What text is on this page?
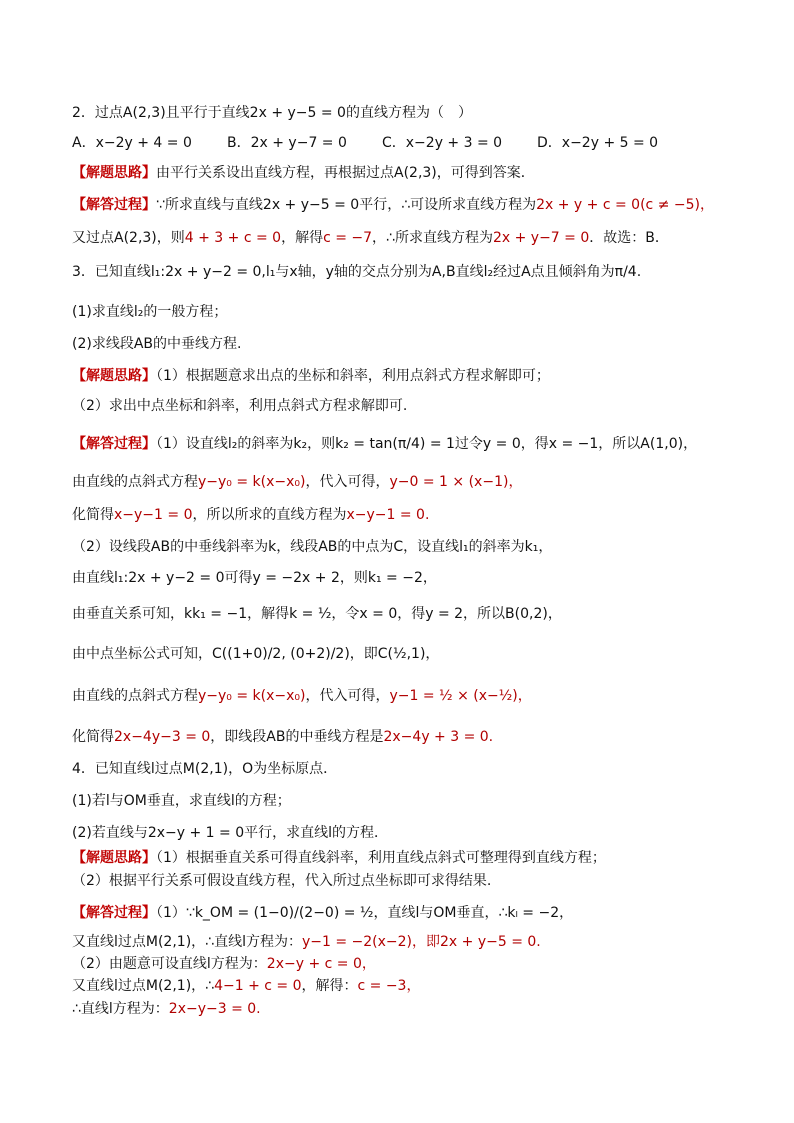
2．过点A(2,3)且平行于直线2x + y−5 = 0的直线方程为（　）
A．x−2y + 4 = 0	B．2x + y−7 = 0	C．x−2y + 3 = 0 D．x−2y + 5 = 0
【解题思路】由平行关系设出直线方程，再根据过点A(2,3)，可得到答案．
【解答过程】∵所求直线与直线2x + y−5 = 0平行，∴可设所求直线方程为2x + y + c = 0(c ≠ −5)，
又过点A(2,3)，则4 + 3 + c = 0，解得c = −7，∴所求直线方程为2x + y−7 = 0．故选：B．
3．已知直线l₁:2x + y−2 = 0,l₁与x轴，y轴的交点分别为A,B直线l₂经过A点且倾斜角为π/4.
(1)求直线l₂的一般方程；
(2)求线段AB的中垂线方程.
【解题思路】（1）根据题意求出点的坐标和斜率，利用点斜式方程求解即可；
（2）求出中点坐标和斜率，利用点斜式方程求解即可.
【解答过程】（1）设直线l₂的斜率为k₂，则k₂ = tan(π/4) = 1过令y = 0，得x = −1，所以A(1,0)，
由直线的点斜式方程y−y₀ = k(x−x₀)，代入可得，y−0 = 1 × (x−1)，
化简得x−y−1 = 0，所以所求的直线方程为x−y−1 = 0.
（2）设线段AB的中垂线斜率为k，线段AB的中点为C，设直线l₁的斜率为k₁，
由直线l₁:2x + y−2 = 0可得y = −2x + 2，则k₁ = −2，
由垂直关系可知，kk₁ = −1，解得k = ½，令x = 0，得y = 2，所以B(0,2)，
由中点坐标公式可知，C((1+0)/2, (0+2)/2)，即C(½,1)，
由直线的点斜式方程y−y₀ = k(x−x₀)，代入可得，y−1 = ½ × (x−½)，
化简得2x−4y−3 = 0，即线段AB的中垂线方程是2x−4y + 3 = 0.
4．已知直线l过点M(2,1)，O为坐标原点．
(1)若l与OM垂直，求直线l的方程；
(2)若直线与2x−y + 1 = 0平行，求直线l的方程．
【解题思路】（1）根据垂直关系可得直线斜率，利用直线点斜式可整理得到直线方程；
（2）根据平行关系可假设直线方程，代入所过点坐标即可求得结果.
【解答过程】（1）∵k_OM = (1−0)/(2−0) = ½，直线l与OM垂直，∴kₗ = −2，
又直线l过点M(2,1)，∴直线l方程为：y−1 = −2(x−2)，即2x + y−5 = 0.
（2）由题意可设直线l方程为：2x−y + c = 0，
又直线l过点M(2,1)，∴4−1 + c = 0，解得：c = −3，
∴直线l方程为：2x−y−3 = 0.
